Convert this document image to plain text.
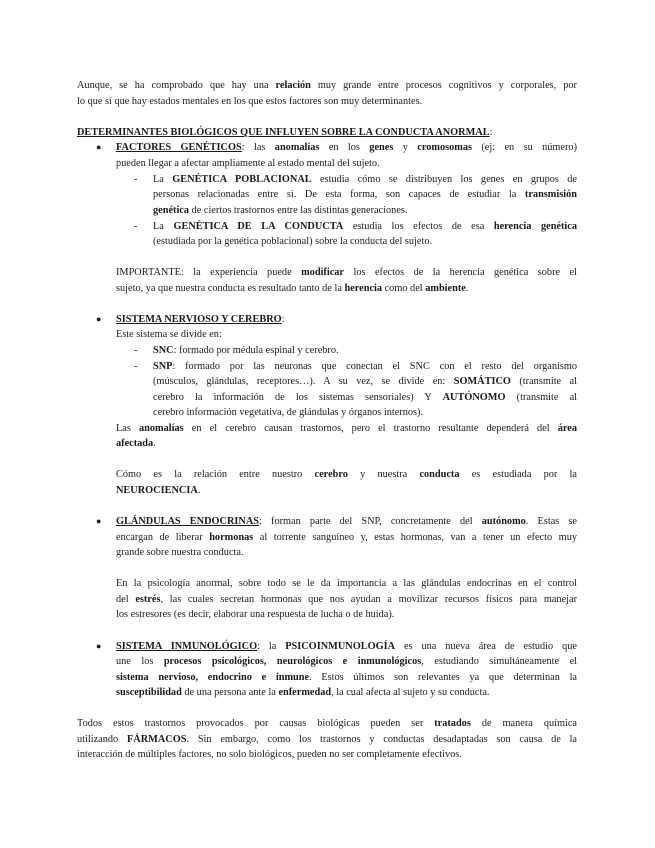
Aunque, se ha comprobado que hay una relación muy grande entre procesos cognitivos y corporales, por
lo que sí que hay estados mentales en los que estos factores son muy determinantes.
DETERMINANTES BIOLÓGICOS QUE INFLUYEN SOBRE LA CONDUCTA ANORMAL:
● FACTORES GENÉTICOS: las anomalías en los genes y cromosomas (ej: en su número)
pueden llegar a afectar ampliamente al estado mental del sujeto.
- La GENÉTICA POBLACIONAL estudia cómo se distribuyen los genes en grupos de
personas relacionadas entre sí. De esta forma, son capaces de estudiar la transmisión
genética de ciertos trastornos entre las distintas generaciones.
- La GENÉTICA DE LA CONDUCTA estudia los efectos de esa herencia genética
(estudiada por la genética poblacional) sobre la conducta del sujeto.
IMPORTANTE: la experiencia puede modificar los efectos de la herencia genética sobre el
sujeto, ya que nuestra conducta es resultado tanto de la herencia como del ambiente.
● SISTEMA NERVIOSO Y CEREBRO:
Este sistema se divide en:
- SNC: formado por médula espinal y cerebro.
- SNP: formado por las neuronas que conectan el SNC con el resto del organismo
(músculos, glándulas, receptores…). A su vez, se divide en: SOMÁTICO (transmite al
cerebro la información de los sistemas sensoriales) Y AUTÓNOMO (transmite al
cerebro información vegetativa, de glándulas y órganos internos).
Las anomalías en el cerebro causan trastornos, pero el trastorno resultante dependerá del área
afectada.
Cómo es la relación entre nuestro cerebro y nuestra conducta es estudiada por la
NEUROCIENCIA.
● GLÁNDULAS ENDOCRINAS: forman parte del SNP, concretamente del autónomo. Estas se
encargan de liberar hormonas al torrente sanguíneo y, estas hormonas, van a tener un efecto muy
grande sobre nuestra conducta.
En la psicología anormal, sobre todo se le da importancia a las glándulas endocrinas en el control
del estrés, las cuales secretan hormonas que nos ayudan a movilizar recursos físicos para manejar
los estresores (es decir, elaborar una respuesta de lucha o de huida).
● SISTEMA INMUNOLÓGICO: la PSICOINMUNOLOGÍA es una nueva área de estudio que
une los procesos psicológicos, neurológicos e inmunológicos, estudiando simultáneamente el
sistema nervioso, endocrino e inmune. Estos últimos son relevantes ya que determinan la
susceptibilidad de una persona ante la enfermedad, la cual afecta al sujeto y su conducta.
Todos estos trastornos provocados por causas biológicas pueden ser tratados de manera química
utilizando FÁRMACOS. Sin embargo, como los trastornos y conductas desadaptadas son causa de la
interacción de múltiples factores, no solo biológicos, pueden no ser completamente efectivos.
